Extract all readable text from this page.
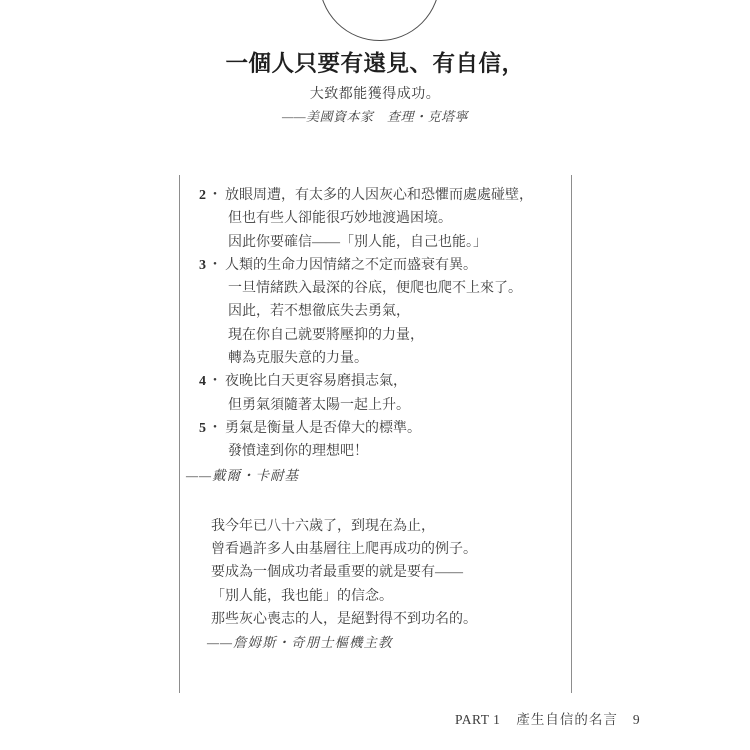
一個人只要有遠見、有自信，
大致都能獲得成功。
——美國資本家　查理・克塔寧
2 ・ 放眼周遭，有太多的人因灰心和恐懼而處處碰壁，
但也有些人卻能很巧妙地渡過困境。
因此你要確信——「別人能，自己也能。」
3 ・ 人類的生命力因情緒之不定而盛衰有異。
一旦情緒跌入最深的谷底，便爬也爬不上來了。
因此，若不想徹底失去勇氣，
現在你自己就要將壓抑的力量，
轉為克服失意的力量。
4 ・ 夜晚比白天更容易磨損志氣，
但勇氣須隨著太陽一起上升。
5 ・ 勇氣是衡量人是否偉大的標準。
發憤達到你的理想吧！
——戴爾・卡耐基
我今年已八十六歲了，到現在為止，
曾看過許多人由基層往上爬再成功的例子。
要成為一個成功者最重要的就是要有——
「別人能，我也能」的信念。
那些灰心喪志的人，是絕對得不到功名的。
——詹姆斯・奇朋士樞機主教
PART 1 產生自信的名言 9
